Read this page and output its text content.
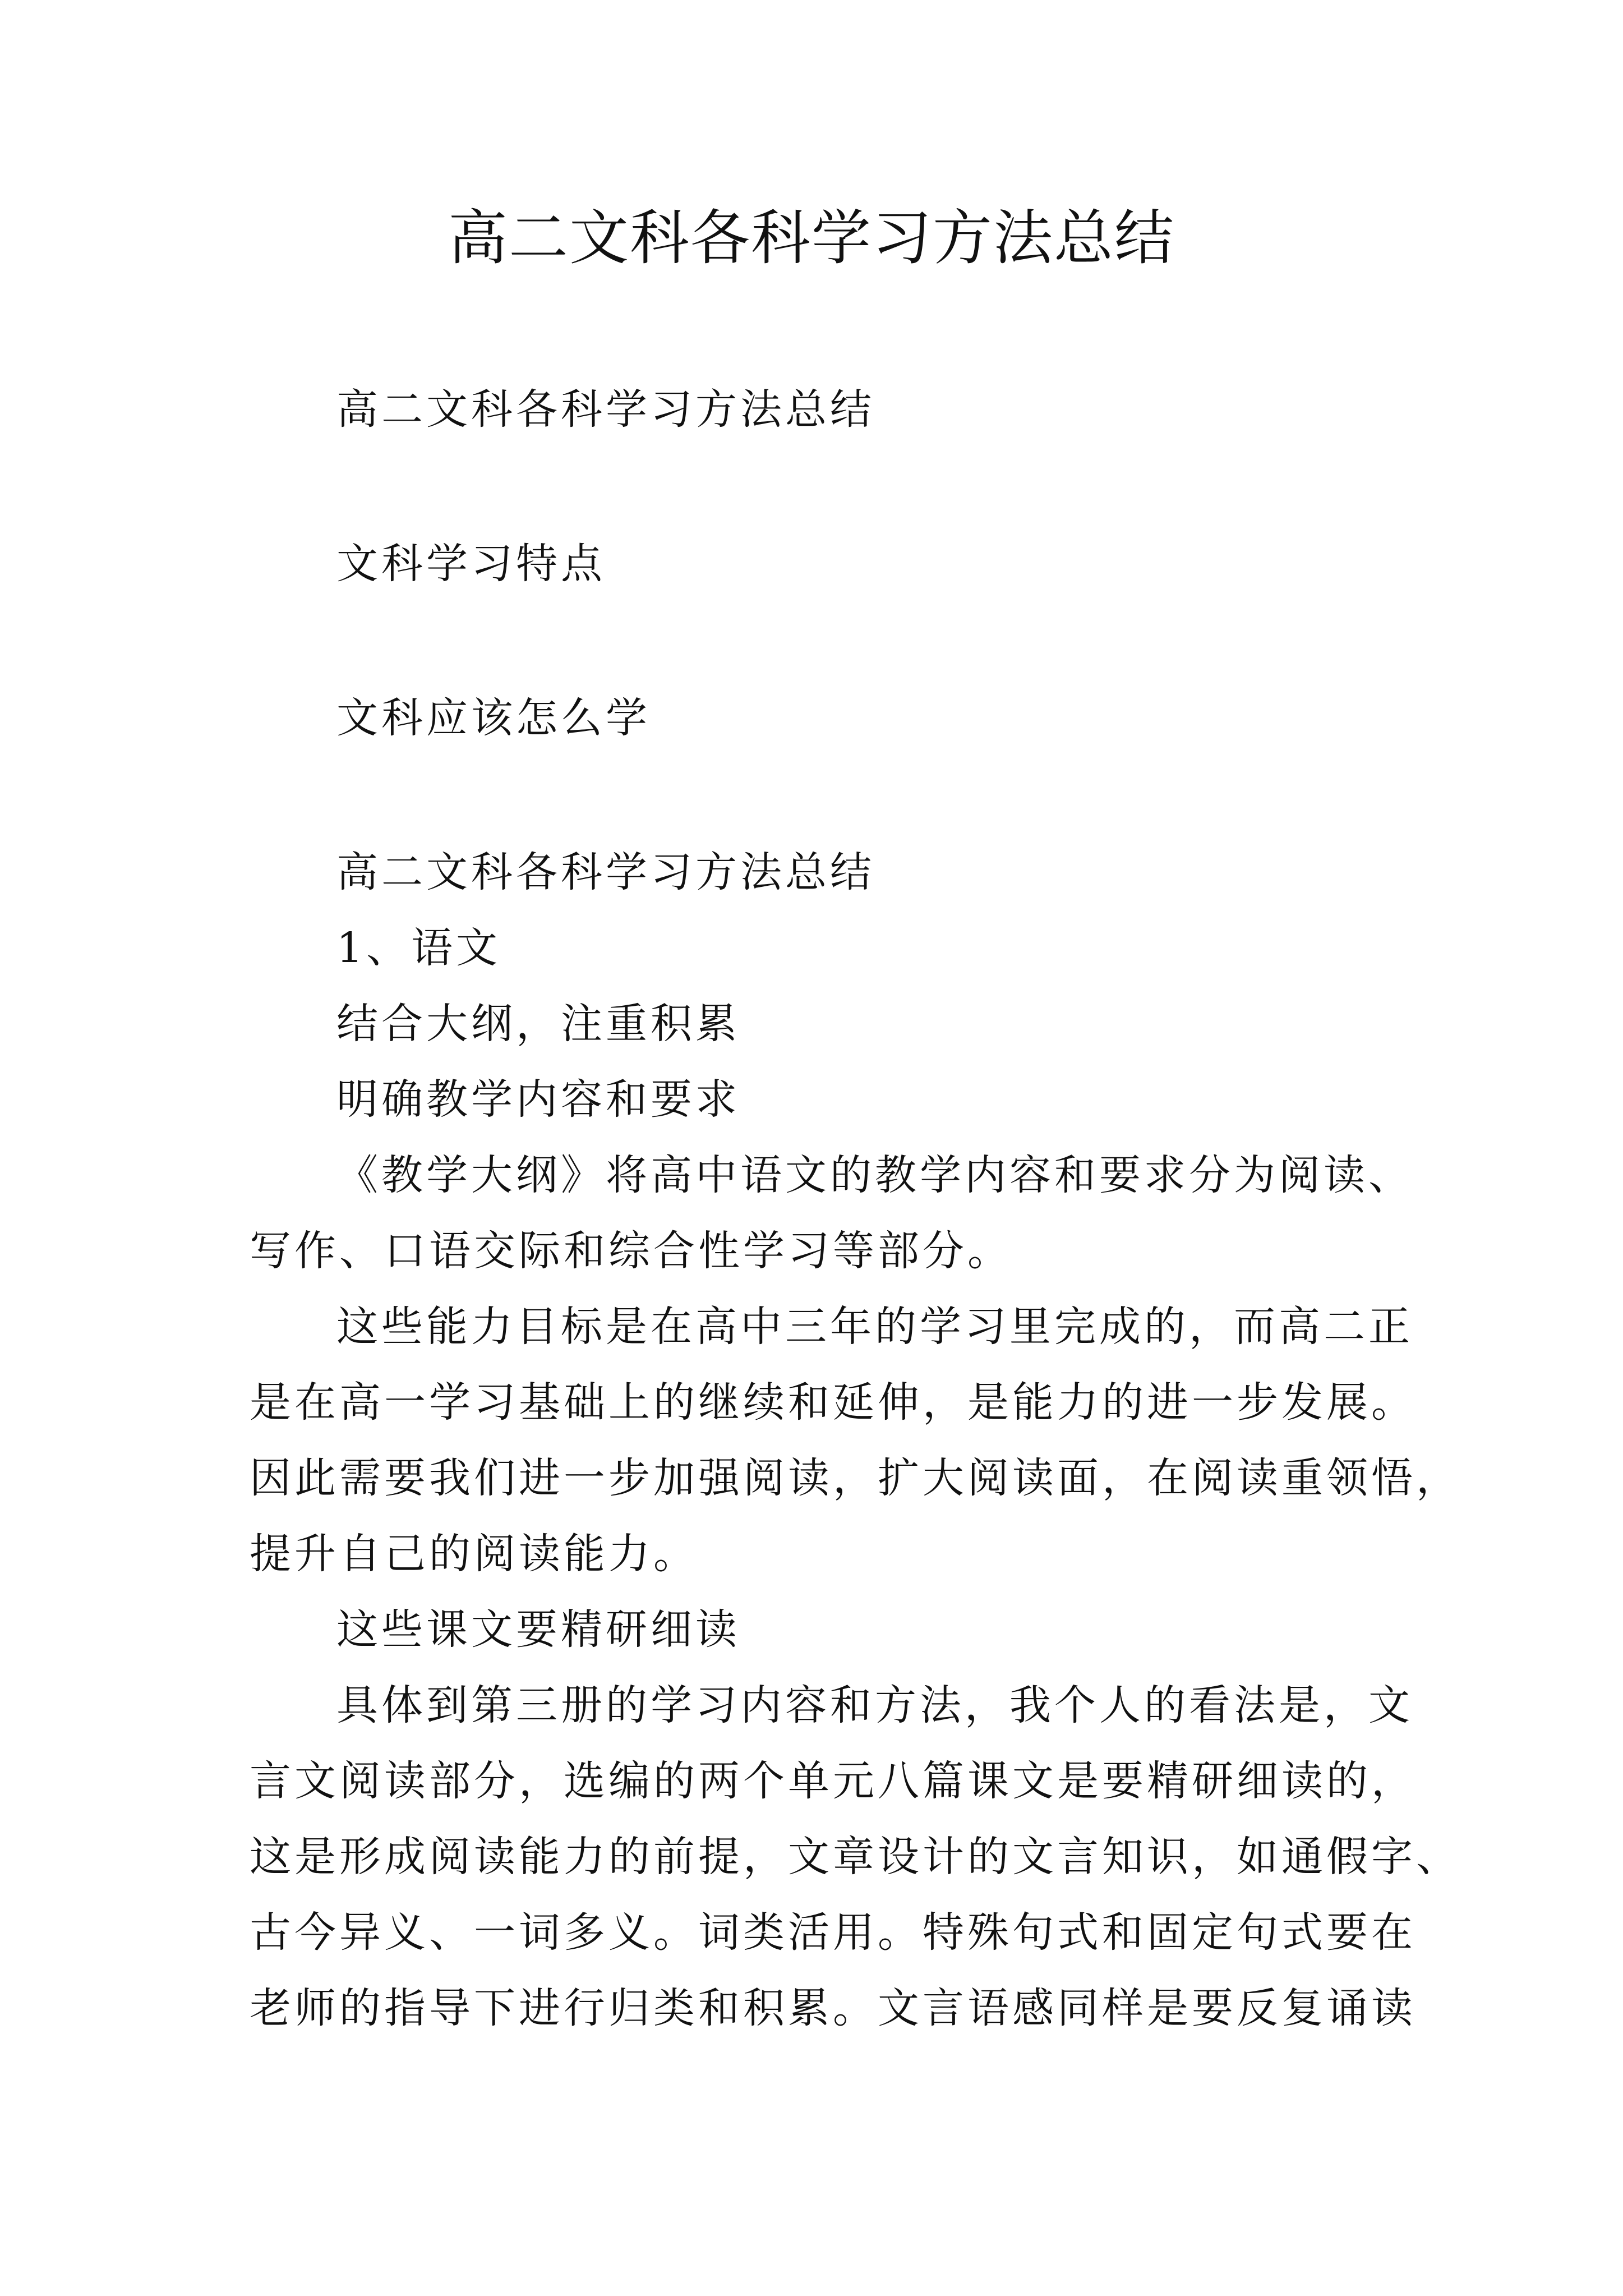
高二文科各科学习方法总结
高二文科各科学习方法总结
文科学习特点
文科应该怎么学
高二文科各科学习方法总结
1、语文
结合大纲，注重积累
明确教学内容和要求
《教学大纲》将高中语文的教学内容和要求分为阅读、
写作、口语交际和综合性学习等部分。
这些能力目标是在高中三年的学习里完成的，而高二正
是在高一学习基础上的继续和延伸，是能力的进一步发展。
因此需要我们进一步加强阅读，扩大阅读面，在阅读重领悟，
提升自己的阅读能力。
这些课文要精研细读
具体到第三册的学习内容和方法，我个人的看法是，文
言文阅读部分，选编的两个单元八篇课文是要精研细读的，
这是形成阅读能力的前提，文章设计的文言知识，如通假字、
古今异义、一词多义。词类活用。特殊句式和固定句式要在
老师的指导下进行归类和积累。文言语感同样是要反复诵读
